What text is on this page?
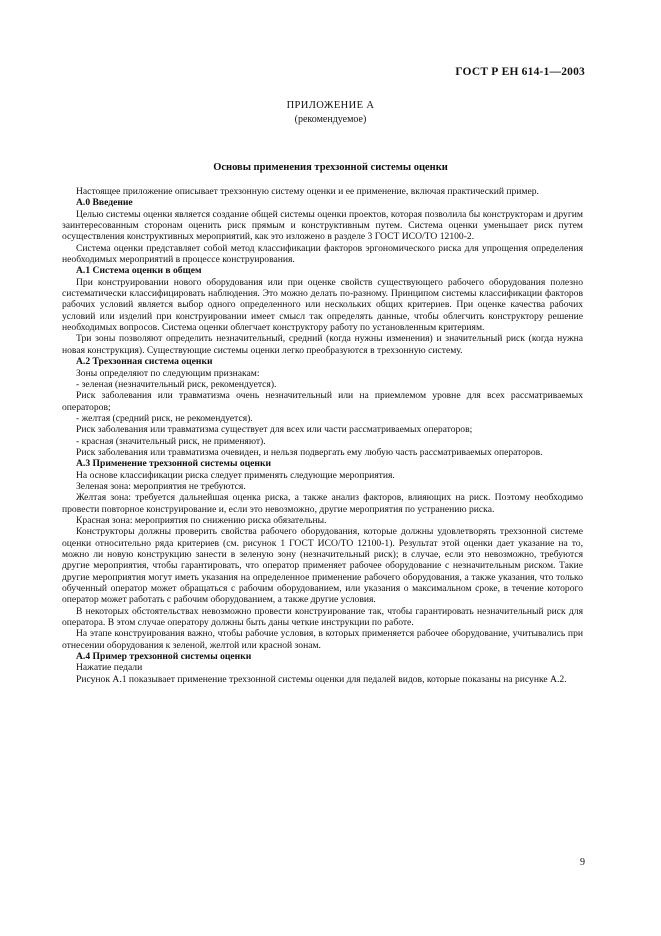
ГОСТ Р ЕН 614-1—2003
ПРИЛОЖЕНИЕ А
(рекомендуемое)
Основы применения трехзонной системы оценки

Настоящее приложение описывает трехзонную систему оценки и ее применение, включая практический пример.

А.0 Введение

Целью системы оценки является создание общей системы оценки проектов, которая позволила бы конструкторам и другим заинтересованным сторонам оценить риск прямым и конструктивным путем. Система оценки уменьшает риск путем осуществления конструктивных мероприятий, как это изложено в разделе 3 ГОСТ ИСО/ТО 12100-2.

Система оценки представляет собой метод классификации факторов эргономического риска для упрощения определения необходимых мероприятий в процессе конструирования.

А.1 Система оценки в общем

При конструировании нового оборудования или при оценке свойств существующего рабочего оборудования полезно систематически классифицировать наблюдения. Это можно делать по-разному. Принципом системы классификации факторов рабочих условий является выбор одного определенного или нескольких общих критериев. При оценке качества рабочих условий или изделий при конструировании имеет смысл так определять данные, чтобы облегчить конструктору решение необходимых вопросов. Система оценки облегчает конструктору работу по установленным критериям.

Три зоны позволяют определить незначительный, средний (когда нужны изменения) и значительный риск (когда нужна новая конструкция). Существующие системы оценки легко преобразуются в трехзонную систему.

А.2 Трехзонная система оценки

Зоны определяют по следующим признакам:

- зеленая (незначительный риск, рекомендуется).

Риск заболевания или травматизма очень незначительный или на приемлемом уровне для всех рассматриваемых операторов;

- желтая (средний риск, не рекомендуется).

Риск заболевания или травматизма существует для всех или части рассматриваемых операторов;

- красная (значительный риск, не применяют).

Риск заболевания или травматизма очевиден, и нельзя подвергать ему любую часть рассматриваемых операторов.

А.3 Применение трехзонной системы оценки

На основе классификации риска следует применять следующие мероприятия.

Зеленая зона: мероприятия не требуются.

Желтая зона: требуется дальнейшая оценка риска, а также анализ факторов, влияющих на риск. Поэтому необходимо провести повторное конструирование и, если это невозможно, другие мероприятия по устранению риска.

Красная зона: мероприятия по снижению риска обязательны.

Конструкторы должны проверить свойства рабочего оборудования, которые должны удовлетворять трехзонной системе оценки относительно ряда критериев (см. рисунок 1 ГОСТ ИСО/ТО 12100-1). Результат этой оценки дает указание на то, можно ли новую конструкцию занести в зеленую зону (незначительный риск); в случае, если это невозможно, требуются другие мероприятия, чтобы гарантировать, что оператор применяет рабочее оборудование с незначительным риском. Такие другие мероприятия могут иметь указания на определенное применение рабочего оборудования, а также указания, что только обученный оператор может обращаться с рабочим оборудованием, или указания о максимальном сроке, в течение которого оператор может работать с рабочим оборудованием, а также другие условия.

В некоторых обстоятельствах невозможно провести конструирование так, чтобы гарантировать незначительный риск для оператора. В этом случае оператору должны быть даны четкие инструкции по работе.

На этапе конструирования важно, чтобы рабочие условия, в которых применяется рабочее оборудование, учитывались при отнесении оборудования к зеленой, желтой или красной зонам.

А.4 Пример трехзонной системы оценки

Нажатие педали

Рисунок А.1 показывает применение трехзонной системы оценки для педалей видов, которые показаны на рисунке А.2.

9
